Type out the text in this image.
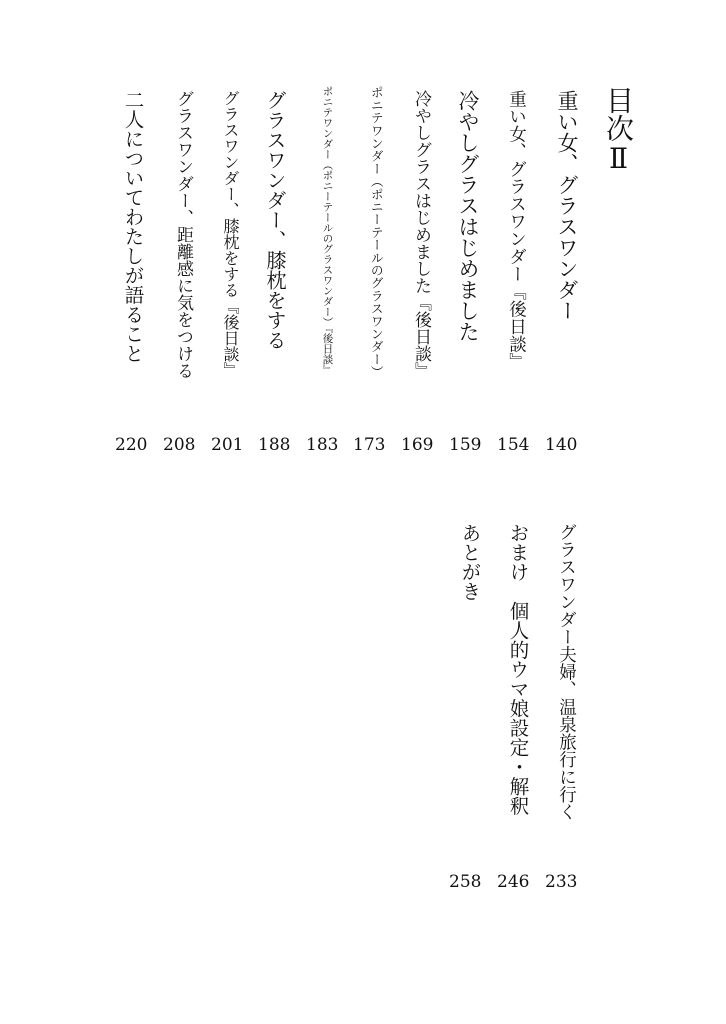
目次Ⅱ
重い女、グラスワンダー
重い女、グラスワンダー『後日談』
冷やしグラスはじめました
冷やしグラスはじめました『後日談』
ポニテワンダー（ポニーテールのグラスワンダー）
ポニテワンダー（ポニーテールのグラスワンダー）『後日談』
グラスワンダー、膝枕をする
グラスワンダー、膝枕をする『後日談』
グラスワンダー、距離感に気をつける
二人についてわたしが語ること
140
154
159
169
173
183
188
201
208
220
グラスワンダー夫婦、温泉旅行に行く
おまけ　個人的ウマ娘設定・解釈
あとがき
233
246
258
